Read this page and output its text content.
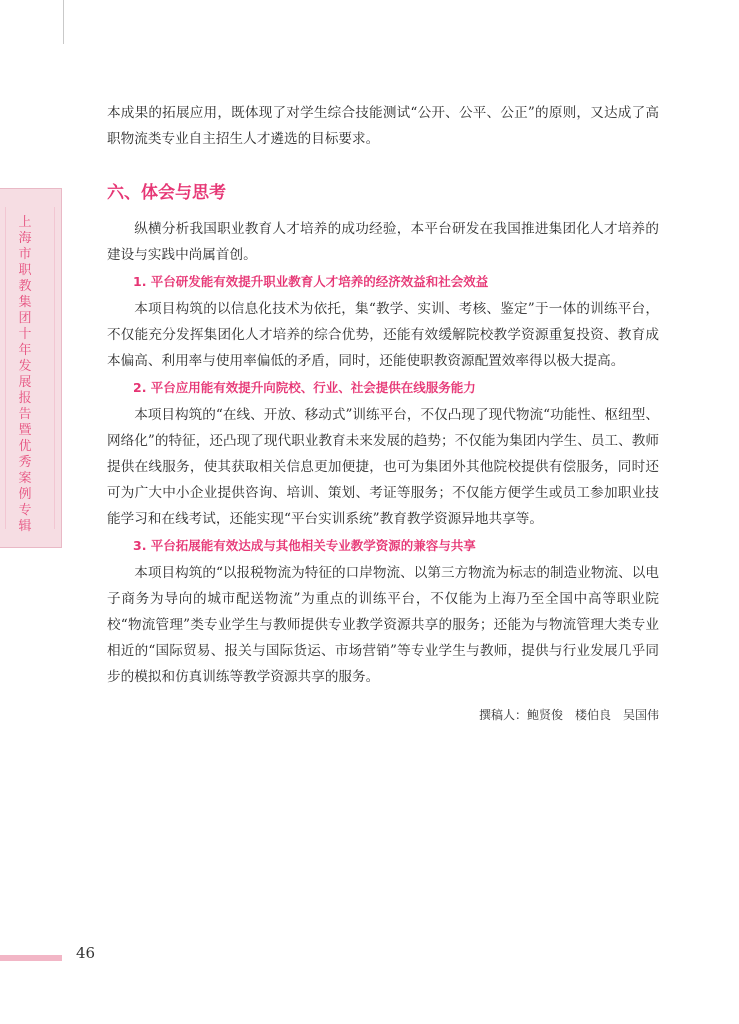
上海市职教集团十年发展报告暨优秀案例专辑

本成果的拓展应用，既体现了对学生综合技能测试“公开、公平、公正”的原则，又达成了高职物流类专业自主招生人才遴选的目标要求。

六、体会与思考

纵横分析我国职业教育人才培养的成功经验，本平台研发在我国推进集团化人才培养的建设与实践中尚属首创。

1. 平台研发能有效提升职业教育人才培养的经济效益和社会效益

本项目构筑的以信息化技术为依托，集“教学、实训、考核、鉴定”于一体的训练平台，不仅能充分发挥集团化人才培养的综合优势，还能有效缓解院校教学资源重复投资、教育成本偏高、利用率与使用率偏低的矛盾，同时，还能使职教资源配置效率得以极大提高。

2. 平台应用能有效提升向院校、行业、社会提供在线服务能力

本项目构筑的“在线、开放、移动式”训练平台，不仅凸现了现代物流“功能性、枢纽型、网络化”的特征，还凸现了现代职业教育未来发展的趋势；不仅能为集团内学生、员工、教师提供在线服务，使其获取相关信息更加便捷，也可为集团外其他院校提供有偿服务，同时还可为广大中小企业提供咨询、培训、策划、考证等服务；不仅能方便学生或员工参加职业技能学习和在线考试，还能实现“平台实训系统”教育教学资源异地共享等。

3. 平台拓展能有效达成与其他相关专业教学资源的兼容与共享

本项目构筑的“以报税物流为特征的口岸物流、以第三方物流为标志的制造业物流、以电子商务为导向的城市配送物流”为重点的训练平台，不仅能为上海乃至全国中高等职业院校“物流管理”类专业学生与教师提供专业教学资源共享的服务；还能为与物流管理大类专业相近的“国际贸易、报关与国际货运、市场营销”等专业学生与教师，提供与行业发展几乎同步的模拟和仿真训练等教学资源共享的服务。

撰稿人：鲍贤俊　楼伯良　吴国伟

46
